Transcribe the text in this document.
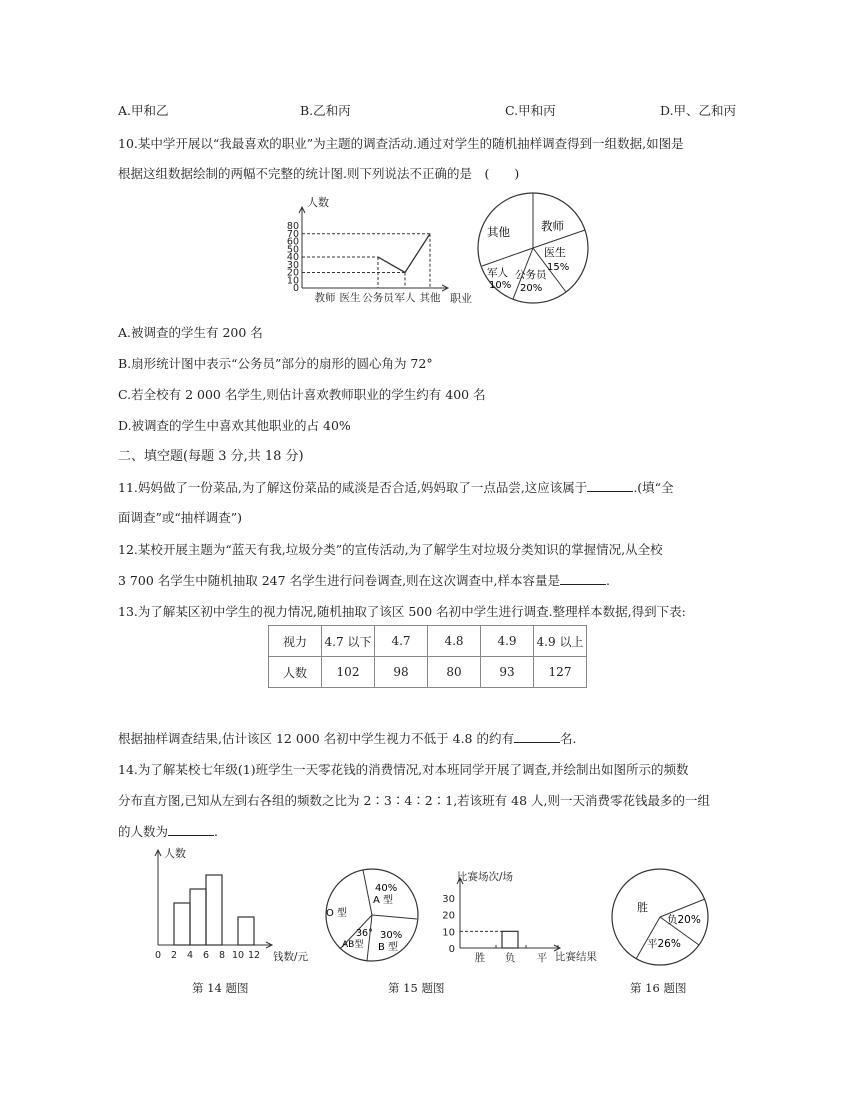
A.甲和乙	B.乙和丙	C.甲和丙	D.甲、乙和丙
10.某中学开展以“我最喜欢的职业”为主题的调查活动.通过对学生的随机抽样调查得到一组数据,如图是
根据这组数据绘制的两幅不完整的统计图.则下列说法不正确的是　(　　)
人数
职业
80
70
60
50
40
30
20
10
0
教师 医生 公务员 军人 其他
其他	教师
医生
15%
公务员
20%
军人
10%
A.被调查的学生有 200 名
B.扇形统计图中表示“公务员”部分的扇形的圆心角为 72°
C.若全校有 2 000 名学生,则估计喜欢教师职业的学生约有 400 名
D.被调查的学生中喜欢其他职业的占 40%
二、填空题(每题 3 分,共 18 分)
11.妈妈做了一份菜品,为了解这份菜品的咸淡是否合适,妈妈取了一点品尝,这应该属于	.(填“全
面调查”或“抽样调查”)
12.某校开展主题为“蓝天有我,垃圾分类”的宣传活动,为了解学生对垃圾分类知识的掌握情况,从全校
3 700 名学生中随机抽取 247 名学生进行问卷调查,则在这次调查中,样本容量是	.
13.为了解某区初中学生的视力情况,随机抽取了该区 500 名初中学生进行调查.整理样本数据,得到下表:
视力	4.7 以下	4.7	4.8	4.9	4.9 以上
人数	102	98	80	93	127
根据抽样调查结果,估计该区 12 000 名初中学生视力不低于 4.8 的约有	名.
14.为了解某校七年级(1)班学生一天零花钱的消费情况,对本班同学开展了调查,并绘制出如图所示的频数
分布直方图,已知从左到右各组的频数之比为 2∶3∶4∶2∶1,若该班有 48 人,则一天消费零花钱最多的一组
的人数为	.
人数
钱数/元
0 2 4 6 8 10 12
第 14 题图
40%
A 型
O 型
30%
B 型
36°
AB型
第 15 题图
比赛场次/场
比赛结果
30
20
10
0
胜 负 平
胜
负20%
平26%
第 16 题图
